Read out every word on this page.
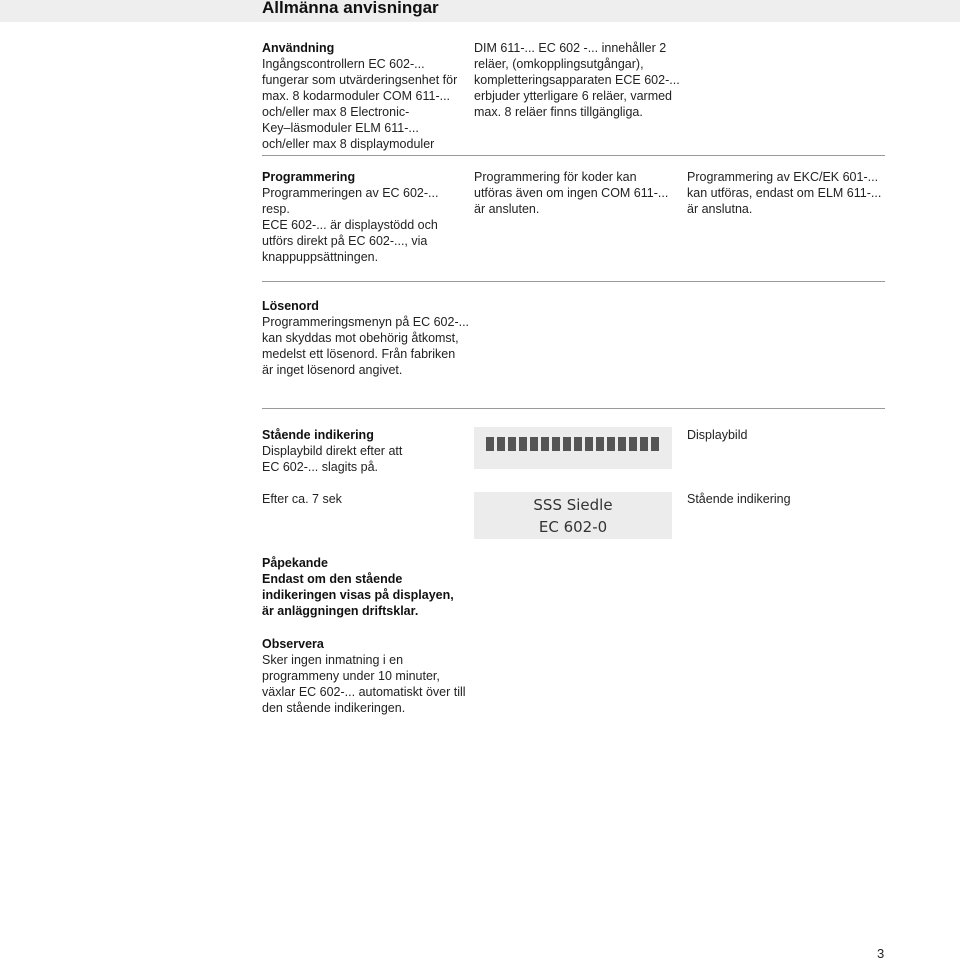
Allmänna anvisningar
Användning
Ingångscontrollern EC 602-...
fungerar som utvärderingsenhet för
max. 8 kodarmoduler COM 611-...
och/eller max 8 Electronic-
Key–läsmoduler ELM 611-...
och/eller max 8 displaymoduler
DIM 611-... EC 602 -... innehåller 2
reläer, (omkopplingsutgångar),
kompletteringsapparaten ECE 602-...
erbjuder ytterligare 6 reläer, varmed
max. 8 reläer finns tillgängliga.
Programmering
Programmeringen av EC 602-... resp.
ECE 602-... är displaystödd och
utförs direkt på EC 602-..., via
knappuppsättningen.
Programmering för koder kan
utföras även om ingen COM 611-...
är ansluten.
Programmering av EKC/EK 601-...
kan utföras, endast om ELM 611-...
är anslutna.
Lösenord
Programmeringsmenyn på EC 602-...
kan skyddas mot obehörig åtkomst,
medelst ett lösenord. Från fabriken
är inget lösenord angivet.
Stående indikering
Displaybild direkt efter att
EC 602-... slagits på.
Displaybild
Efter ca. 7 sek	SSS Siedle
EC 602-0
Stående indikering
Påpekande
Endast om den stående
indikeringen visas på displayen,
är anläggningen driftsklar.
Observera
Sker ingen inmatning i en
programmeny under 10 minuter,
växlar EC 602-... automatiskt över till
den stående indikeringen.
3
